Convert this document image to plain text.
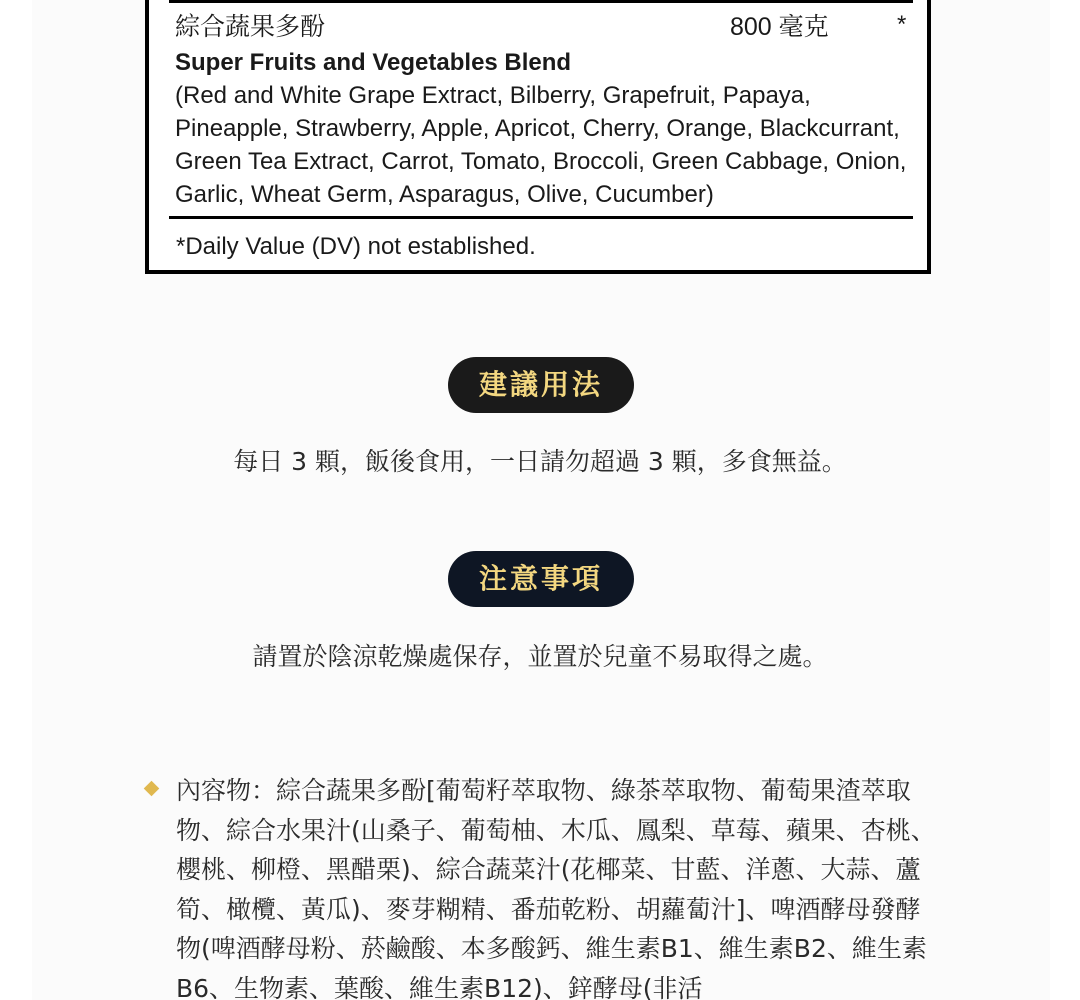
綜合蔬果多酚	800 毫克	*
Super Fruits and Vegetables Blend
(Red and White Grape Extract, Bilberry, Grapefruit, Papaya, Pineapple, Strawberry, Apple, Apricot, Cherry, Orange, Blackcurrant, Green Tea Extract, Carrot, Tomato, Broccoli, Green Cabbage, Onion, Garlic, Wheat Germ, Asparagus, Olive, Cucumber)
*Daily Value (DV) not established.
建議用法
每日 3 顆，飯後食用，一日請勿超過 3 顆，多食無益。
注意事項
請置於陰涼乾燥處保存，並置於兒童不易取得之處。
內容物：綜合蔬果多酚[葡萄籽萃取物、綠茶萃取物、葡萄果渣萃取物、綜合水果汁(山桑子、葡萄柚、木瓜、鳳梨、草莓、蘋果、杏桃、櫻桃、柳橙、黑醋栗)、綜合蔬菜汁(花椰菜、甘藍、洋蔥、大蒜、蘆筍、橄欖、黃瓜)、麥芽糊精、番茄乾粉、胡蘿蔔汁]、啤酒酵母發酵物(啤酒酵母粉、菸鹼酸、本多酸鈣、維生素B1、維生素B2、維生素B6、生物素、葉酸、維生素B12)、鋅酵母(非活
